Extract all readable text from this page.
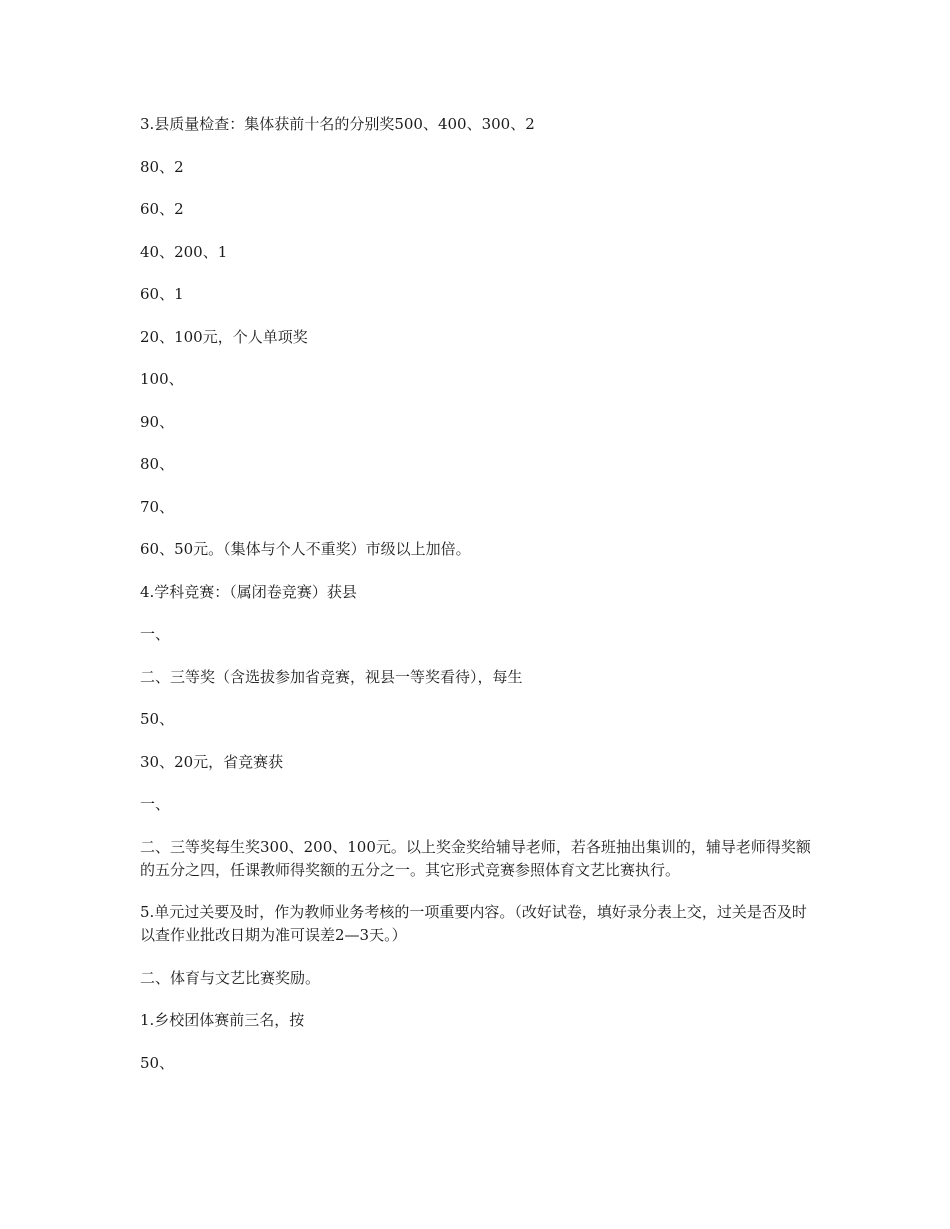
3.县质量检查：集体获前十名的分别奖500、400、300、2

80、2

60、2

40、200、1

60、1

20、100元，个人单项奖

100、

90、

80、

70、

60、50元。（集体与个人不重奖）市级以上加倍。

4.学科竞赛：（属闭卷竞赛）获县

一、

二、三等奖（含选拔参加省竞赛，视县一等奖看待），每生

50、

30、20元，省竞赛获

一、

二、三等奖每生奖300、200、100元。以上奖金奖给辅导老师，若各班抽出集训的，辅导老师得奖额的五分之四，任课教师得奖额的五分之一。其它形式竞赛参照体育文艺比赛执行。

5.单元过关要及时，作为教师业务考核的一项重要内容。（改好试卷，填好录分表上交，过关是否及时以查作业批改日期为准可误差2—3天。）

二、体育与文艺比赛奖励。

1.乡校团体赛前三名，按

50、
